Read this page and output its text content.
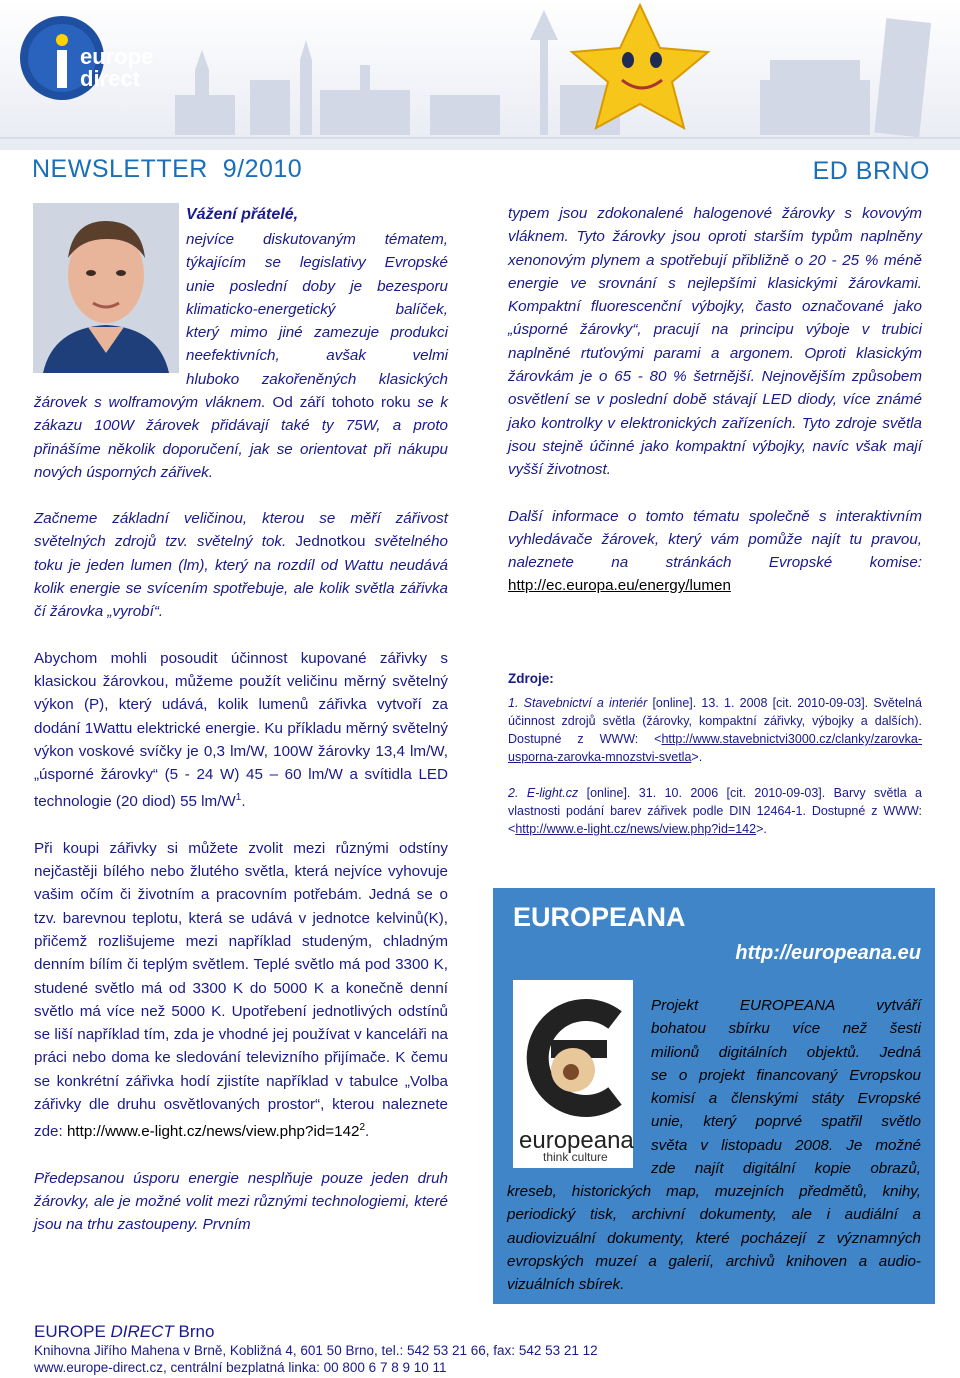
europe
direct
NEWSLETTER  9/2010	ED BRNO
Vážení přátelé,
nejvíce diskutovaným tématem,
týkajícím se legislativy Evropské
unie poslední doby je bezesporu
klimaticko-energetický balíček,
který mimo jiné zamezuje produkci
neefektivních, avšak velmi
hluboko zakořeněných klasických

žárovek s wolframovým vláknem. Od září tohoto roku se k zákazu 100W žárovek přidávají také ty 75W, a proto přinášíme několik doporučení, jak se orientovat při nákupu nových úsporných zářivek.

Začneme základní veličinou, kterou se měří zářivost světelných zdrojů tzv. světelný tok. Jednotkou světelného toku je jeden lumen (lm), který na rozdíl od Wattu neudává kolik energie se svícením spotřebuje, ale kolik světla zářivka čí žárovka „vyrobí“.

Abychom mohli posoudit účinnost kupované zářivky s klasickou žárovkou, můžeme použít veličinu měrný světelný výkon (P), který udává, kolik lumenů zářivka vytvoří za dodání 1Wattu elektrické energie. Ku příkladu měrný světelný výkon voskové svíčky je 0,3 lm/W, 100W žárovky 13,4 lm/W, „úsporné žárovky“ (5 - 24 W) 45 – 60 lm/W a svítidla LED technologie (20 diod) 55 $lm/W^1$.

Při koupi zářivky si můžete zvolit mezi různými odstíny nejčastěji bílého nebo žlutého světla, která nejvíce vyhovuje vašim očím či životním a pracovním potřebám. Jedná se o tzv. barevnou teplotu, která se udává v jednotce kelvinů(K), přičemž rozlišujeme mezi například studeným, chladným denním bílím či teplým světlem. Teplé světlo má pod 3300 K, studené světlo má od 3300 K do 5000 K a konečně denní světlo má více než 5000 K. Upotřebení jednotlivých odstínů se liší například tím, zda je vhodné jej používat v kanceláři na práci nebo doma ke sledování televizního přijímače. K čemu se konkrétní zářivka hodí zjistíte například v tabulce „Volba zářivky dle druhu osvětlovaných prostor“, kterou naleznete zde: $http://www.e-light.cz/news/view.php?id=142^2$.

Předepsanou úsporu energie nesplňuje pouze jeden druh žárovky, ale je možné volit mezi různými technologiemi, které jsou na trhu zastoupeny. Prvním

typem jsou zdokonalené halogenové žárovky s kovovým vláknem. Tyto žárovky jsou oproti starším typům naplněny xenonovým plynem a spotřebují přibližně o 20 - 25 % méně energie ve srovnání s nejlepšími klasickými žárovkami. Kompaktní fluorescenční výbojky, často označované jako „úsporné žárovky“, pracují na principu výboje v trubici naplněné rtuťovými parami a argonem. Oproti klasickým žárovkám je o 65 - 80 % šetrnější. Nejnovějším způsobem osvětlení se v poslední době stávají LED diody, více známé jako kontrolky v elektronických zařízeních. Tyto zdroje světla jsou stejně účinné jako kompaktní výbojky, navíc však mají vyšší životnost.

Další informace o tomto tématu společně s interaktivním vyhledávače žárovek, který vám pomůže najít tu pravou, naleznete na stránkách Evropské komise: http://ec.europa.eu/energy/lumen

Zdroje:

1. Stavebnictví a interiér [online]. 13. 1. 2008 [cit. 2010-09-03]. Světelná účinnost zdrojů světla (žárovky, kompaktní zářivky, výbojky a dalších). Dostupné z WWW: <http://www.stavebnictvi3000.cz/clanky/zarovka-usporna-zarovka-mnozstvi-svetla>.

2. E-light.cz [online]. 31. 10. 2006 [cit. 2010-09-03]. Barvy světla a vlastnosti podání barev zářivek podle DIN 12464-1. Dostupné z WWW: <http://www.e-light.cz/news/view.php?id=142>.

EUROPEANA
http://europeana.eu
europeana
think culture
Projekt EUROPEANA vytváří
bohatou sbírku více než šesti
milionů digitálních objektů. Jedná
se o projekt financovaný Evropskou
komisí a členskými státy Evropské
unie, který poprvé spatřil světlo
světa v listopadu 2008. Je možné
zde najít digitální kopie obrazů,
kreseb, historických map, muzejních předmětů, knihy, periodický tisk, archivní dokumenty, ale i audiální a audiovizuální dokumenty, které pocházejí z významných evropských muzeí a galerií, archivů knihoven a audio-vizuálních sbírek.
EUROPE DIRECT Brno
Knihovna Jiřího Mahena v Brně, Kobližná 4, 601 50 Brno, tel.: 542 53 21 66, fax: 542 53 21 12
www.europe-direct.cz, centrální bezplatná linka: 00 800 6 7 8 9 10 11
